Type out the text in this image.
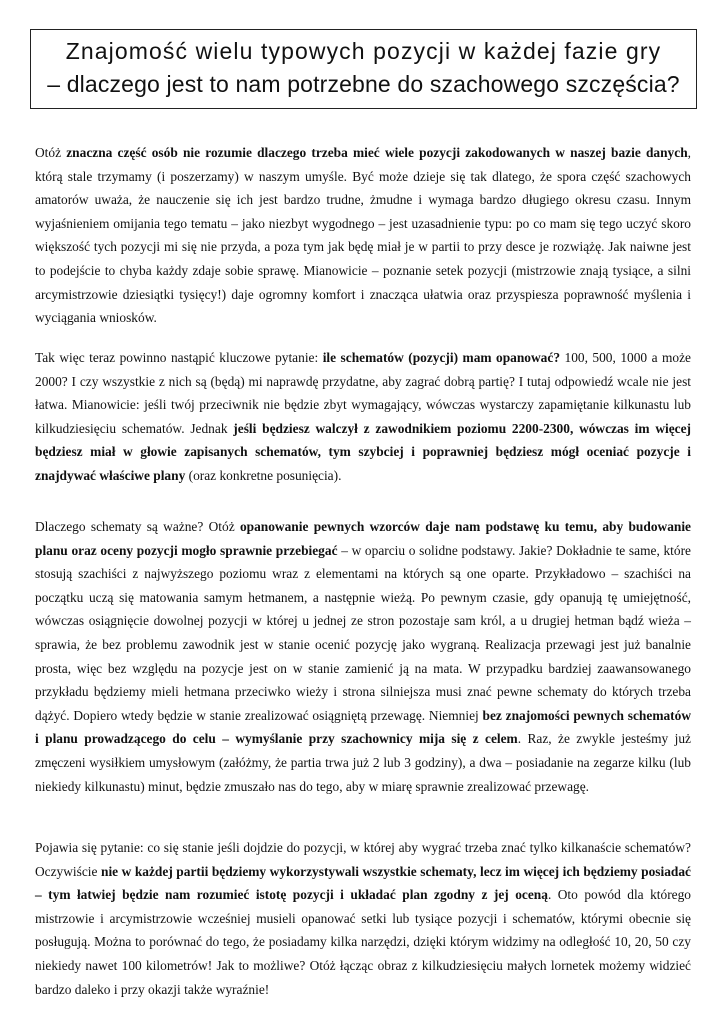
Znajomość wielu typowych pozycji w każdej fazie gry
– dlaczego jest to nam potrzebne do szachowego szczęścia?

Otóż znaczna część osób nie rozumie dlaczego trzeba mieć wiele pozycji zakodowanych w naszej bazie danych, którą stale trzymamy (i poszerzamy) w naszym umyśle. Być może dzieje się tak dlatego, że spora część szachowych amatorów uważa, że nauczenie się ich jest bardzo trudne, żmudne i wymaga bardzo długiego okresu czasu. Innym wyjaśnieniem omijania tego tematu – jako niezbyt wygodnego – jest uzasadnienie typu: po co mam się tego uczyć skoro większość tych pozycji mi się nie przyda, a poza tym jak będę miał je w partii to przy desce je rozwiążę. Jak naiwne jest to podejście to chyba każdy zdaje sobie sprawę. Mianowicie – poznanie setek pozycji (mistrzowie znają tysiące, a silni arcymistrzowie dziesiątki tysięcy!) daje ogromny komfort i znacząca ułatwia oraz przyspiesza poprawność myślenia i wyciągania wniosków.

Tak więc teraz powinno nastąpić kluczowe pytanie: ile schematów (pozycji) mam opanować? 100, 500, 1000 a może 2000? I czy wszystkie z nich są (będą) mi naprawdę przydatne, aby zagrać dobrą partię? I tutaj odpowiedź wcale nie jest łatwa. Mianowicie: jeśli twój przeciwnik nie będzie zbyt wymagający, wówczas wystarczy zapamiętanie kilkunastu lub kilkudziesięciu schematów. Jednak jeśli będziesz walczył z zawodnikiem poziomu 2200-2300, wówczas im więcej będziesz miał w głowie zapisanych schematów, tym szybciej i poprawniej będziesz mógł oceniać pozycje i znajdywać właściwe plany (oraz konkretne posunięcia).

Dlaczego schematy są ważne? Otóż opanowanie pewnych wzorców daje nam podstawę ku temu, aby budowanie planu oraz oceny pozycji mogło sprawnie przebiegać – w oparciu o solidne podstawy. Jakie? Dokładnie te same, które stosują szachiści z najwyższego poziomu wraz z elementami na których są one oparte. Przykładowo – szachiści na początku uczą się matowania samym hetmanem, a następnie wieżą. Po pewnym czasie, gdy opanują tę umiejętność, wówczas osiągnięcie dowolnej pozycji w której u jednej ze stron pozostaje sam król, a u drugiej hetman bądź wieża – sprawia, że bez problemu zawodnik jest w stanie ocenić pozycję jako wygraną. Realizacja przewagi jest już banalnie prosta, więc bez względu na pozycje jest on w stanie zamienić ją na mata. W przypadku bardziej zaawansowanego przykładu będziemy mieli hetmana przeciwko wieży i strona silniejsza musi znać pewne schematy do których trzeba dążyć. Dopiero wtedy będzie w stanie zrealizować osiągniętą przewagę. Niemniej bez znajomości pewnych schematów i planu prowadzącego do celu – wymyślanie przy szachownicy mija się z celem. Raz, że zwykle jesteśmy już zmęczeni wysiłkiem umysłowym (załóżmy, że partia trwa już 2 lub 3 godziny), a dwa – posiadanie na zegarze kilku (lub niekiedy kilkunastu) minut, będzie zmuszało nas do tego, aby w miarę sprawnie zrealizować przewagę.

Pojawia się pytanie: co się stanie jeśli dojdzie do pozycji, w której aby wygrać trzeba znać tylko kilkanaście schematów? Oczywiście nie w każdej partii będziemy wykorzystywali wszystkie schematy, lecz im więcej ich będziemy posiadać – tym łatwiej będzie nam rozumieć istotę pozycji i układać plan zgodny z jej oceną. Oto powód dla którego mistrzowie i arcymistrzowie wcześniej musieli opanować setki lub tysiące pozycji i schematów, którymi obecnie się posługują. Można to porównać do tego, że posiadamy kilka narzędzi, dzięki którym widzimy na odległość 10, 20, 50 czy niekiedy nawet 100 kilometrów! Jak to możliwe? Otóż łącząc obraz z kilkudziesięciu małych lornetek możemy widzieć bardzo daleko i przy okazji także wyraźnie!
